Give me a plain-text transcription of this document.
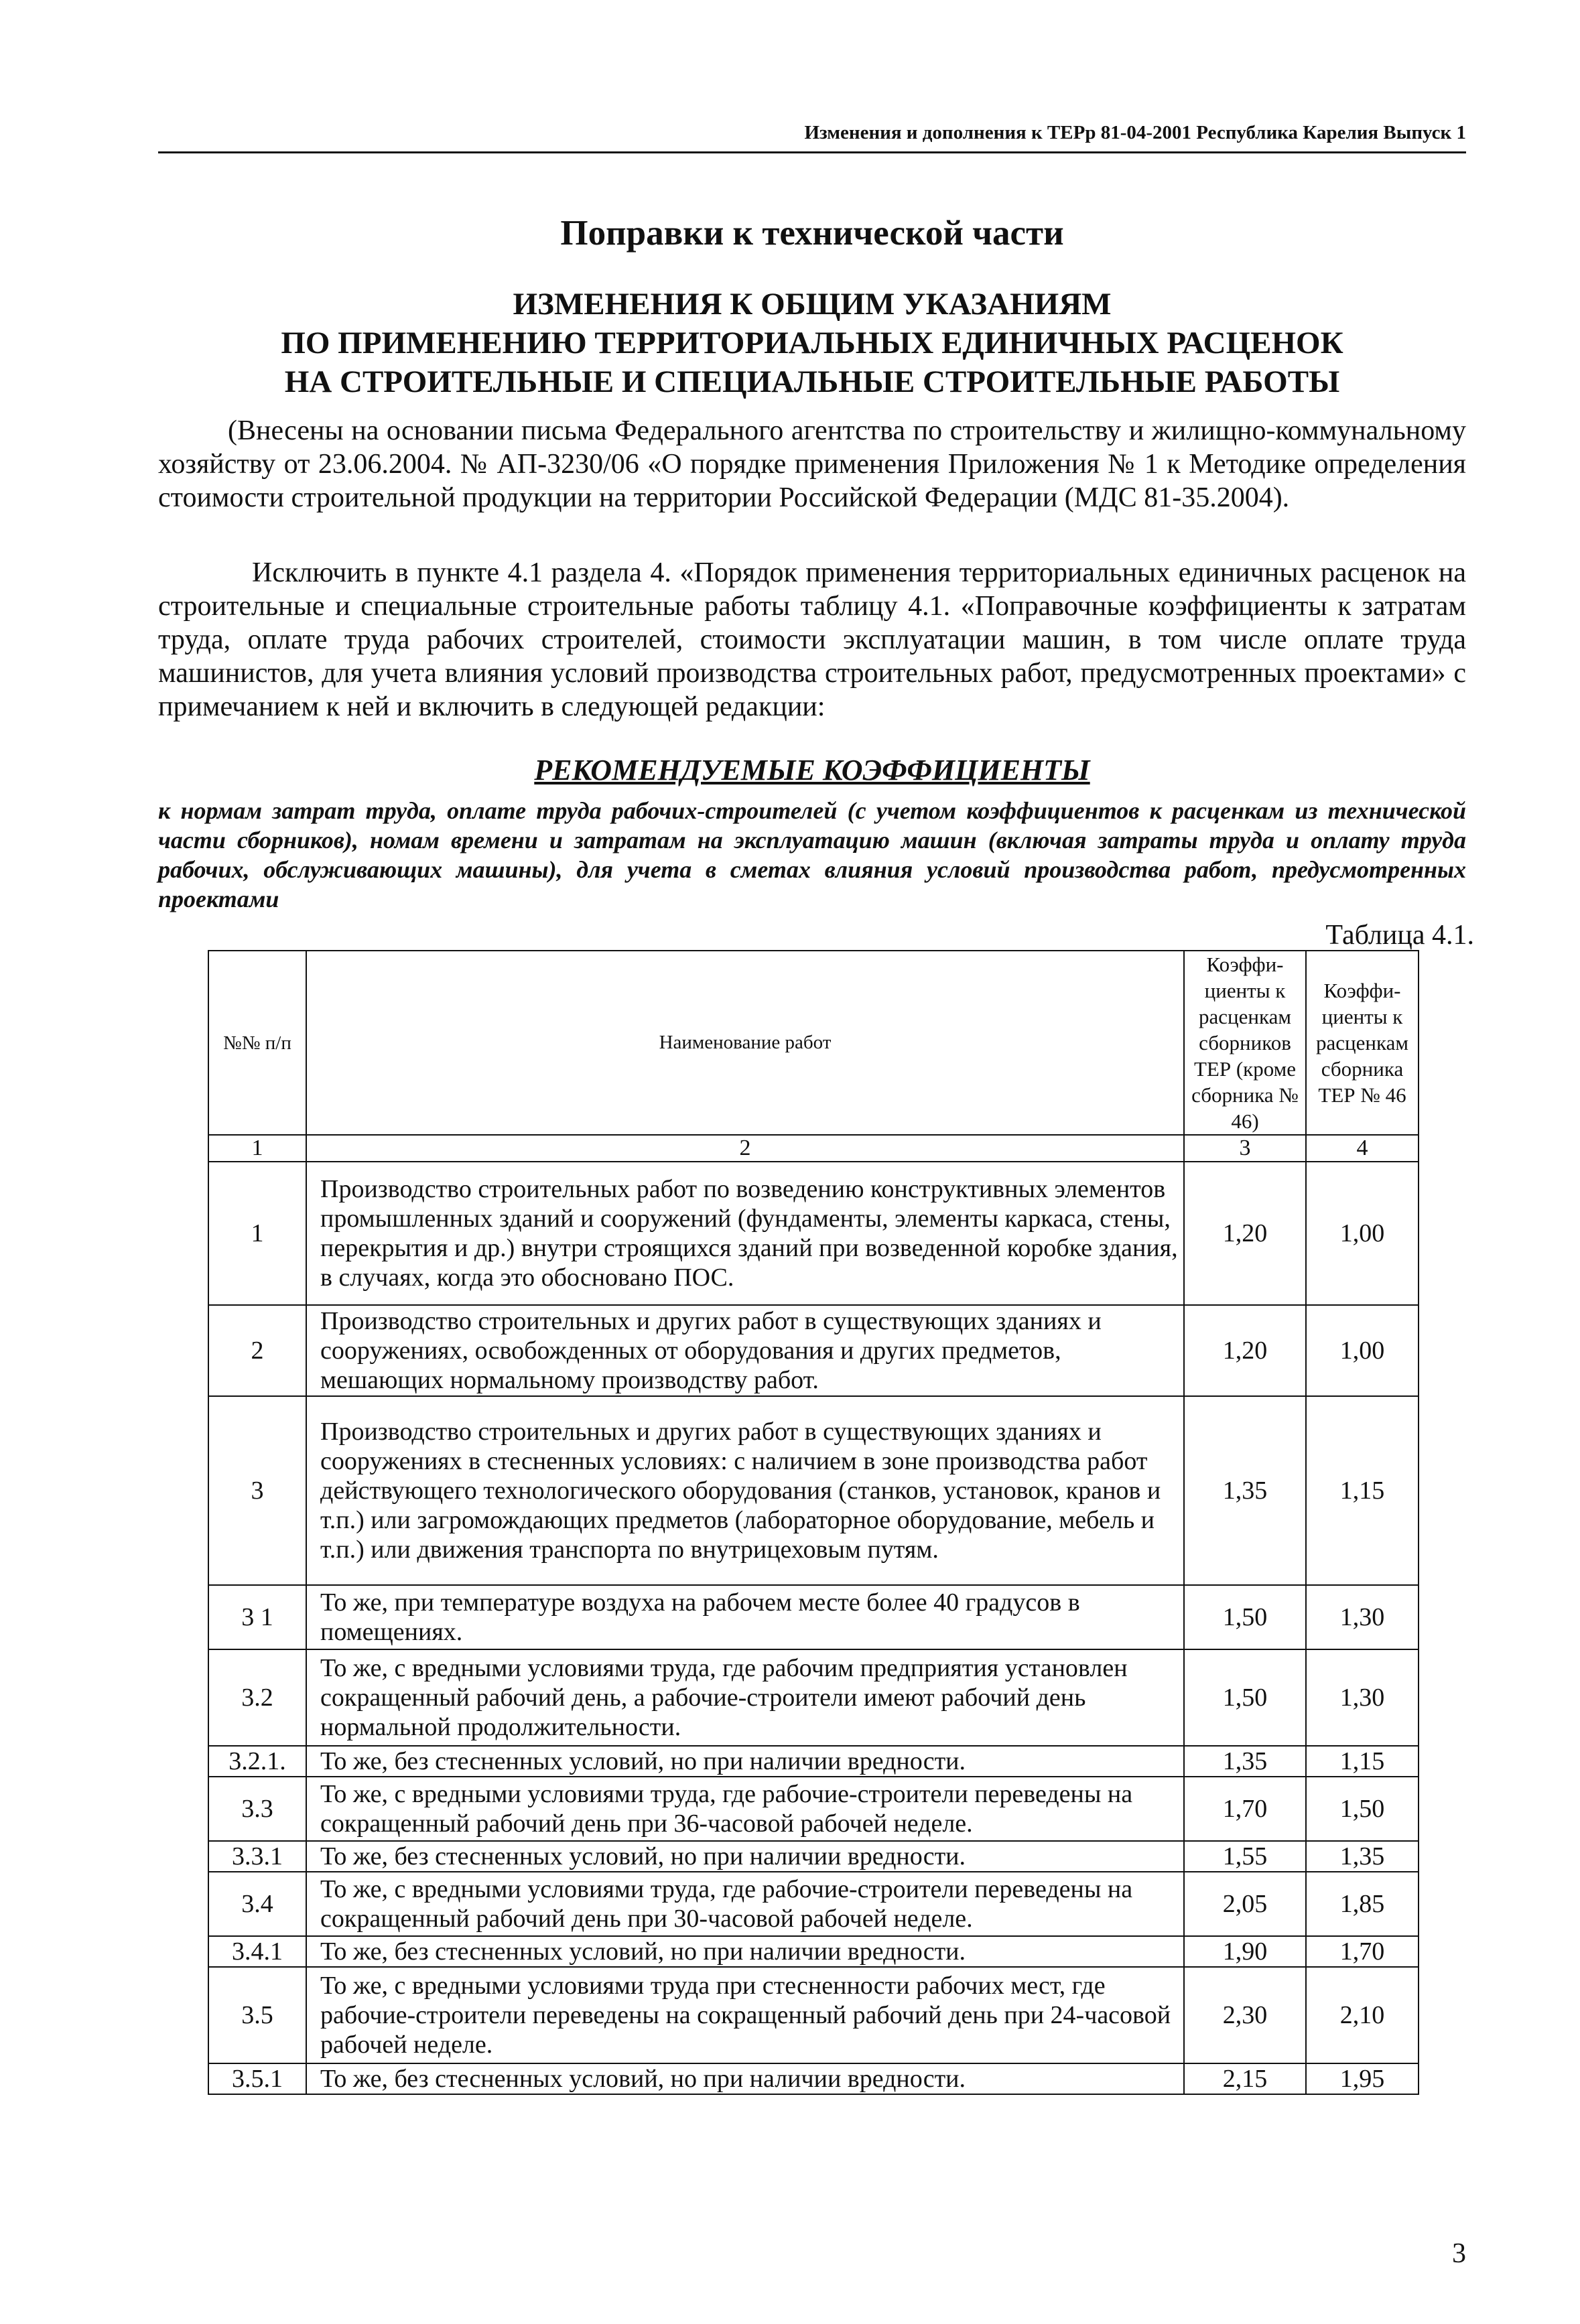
Изменения и дополнения к ТЕРр 81-04-2001 Республика Карелия Выпуск 1
Поправки к технической части
ИЗМЕНЕНИЯ К ОБЩИМ УКАЗАНИЯМ
ПО ПРИМЕНЕНИЮ ТЕРРИТОРИАЛЬНЫХ ЕДИНИЧНЫХ РАСЦЕНОК
НА СТРОИТЕЛЬНЫЕ И СПЕЦИАЛЬНЫЕ СТРОИТЕЛЬНЫЕ РАБОТЫ

(Внесены на основании письма Федерального агентства по строительству и жилищно-коммунальному хозяйству от 23.06.2004. № АП-3230/06 «О порядке применения Приложения № 1 к Методике определения стоимости строительной продукции на территории Российской Федерации (МДС 81-35.2004).

Исключить в пункте 4.1 раздела 4. «Порядок применения территориальных единичных расценок на строительные и специальные строительные работы таблицу 4.1. «Поправочные коэффициенты к затратам труда, оплате труда рабочих строителей, стоимости эксплуатации машин, в том числе оплате труда машинистов, для учета влияния условий производства строительных работ, предусмотренных проектами» с примечанием к ней и включить в следующей редакции:

РЕКОМЕНДУЕМЫЕ КОЭФФИЦИЕНТЫ

к нормам затрат труда, оплате труда рабочих-строителей (с учетом коэффициентов к расценкам из технической части сборников), номам времени и затратам на эксплуатацию машин (включая затраты труда и оплату труда рабочих, обслуживающих машины), для учета в сметах влияния условий производства работ, предусмотренных проектами

Таблица 4.1.
№№ п/п	Наименование работ	Коэффи-циенты к расценкам сборников ТЕР (кроме сборника № 46)	Коэффи-циенты к расценкам сборника ТЕР № 46
1	2	3	4
1	Производство строительных работ по возведению конструктивных элементов промышленных зданий и сооружений (фундаменты, элементы каркаса, стены, перекрытия и др.) внутри строящихся зданий при возведенной коробке здания, в случаях, когда это обосновано ПОС.	1,20	1,00
2	Производство строительных и других работ в существующих зданиях и сооружениях, освобожденных от оборудования и других предметов, мешающих нормальному производству работ.	1,20	1,00
3	Производство строительных и других работ в существующих зданиях и сооружениях в стесненных условиях: с наличием в зоне производства работ действующего технологического оборудования (станков, установок, кранов и т.п.) или загромождающих предметов (лабораторное оборудование, мебель и т.п.) или движения транспорта по внутрицеховым путям.	1,35	1,15
3 1	То же, при температуре воздуха на рабочем месте более 40 градусов в помещениях.	1,50	1,30
3.2	То же, с вредными условиями труда, где рабочим предприятия установлен сокращенный рабочий день, а рабочие-строители имеют рабочий день нормальной продолжительности.	1,50	1,30
3.2.1.	То же, без стесненных условий, но при наличии вредности.	1,35	1,15
3.3	То же, с вредными условиями труда, где рабочие-строители переведены на сокращенный рабочий день при 36-часовой рабочей неделе.	1,70	1,50
3.3.1	То же, без стесненных условий, но при наличии вредности.	1,55	1,35
3.4	То же, с вредными условиями труда, где рабочие-строители переведены на сокращенный рабочий день при 30-часовой рабочей неделе.	2,05	1,85
3.4.1	То же, без стесненных условий, но при наличии вредности.	1,90	1,70
3.5	То же, с вредными условиями труда при стесненности рабочих мест, где рабочие-строители переведены на сокращенный рабочий день при 24-часовой рабочей неделе.	2,30	2,10
3.5.1	То же, без стесненных условий, но при наличии вредности.	2,15	1,95
3
